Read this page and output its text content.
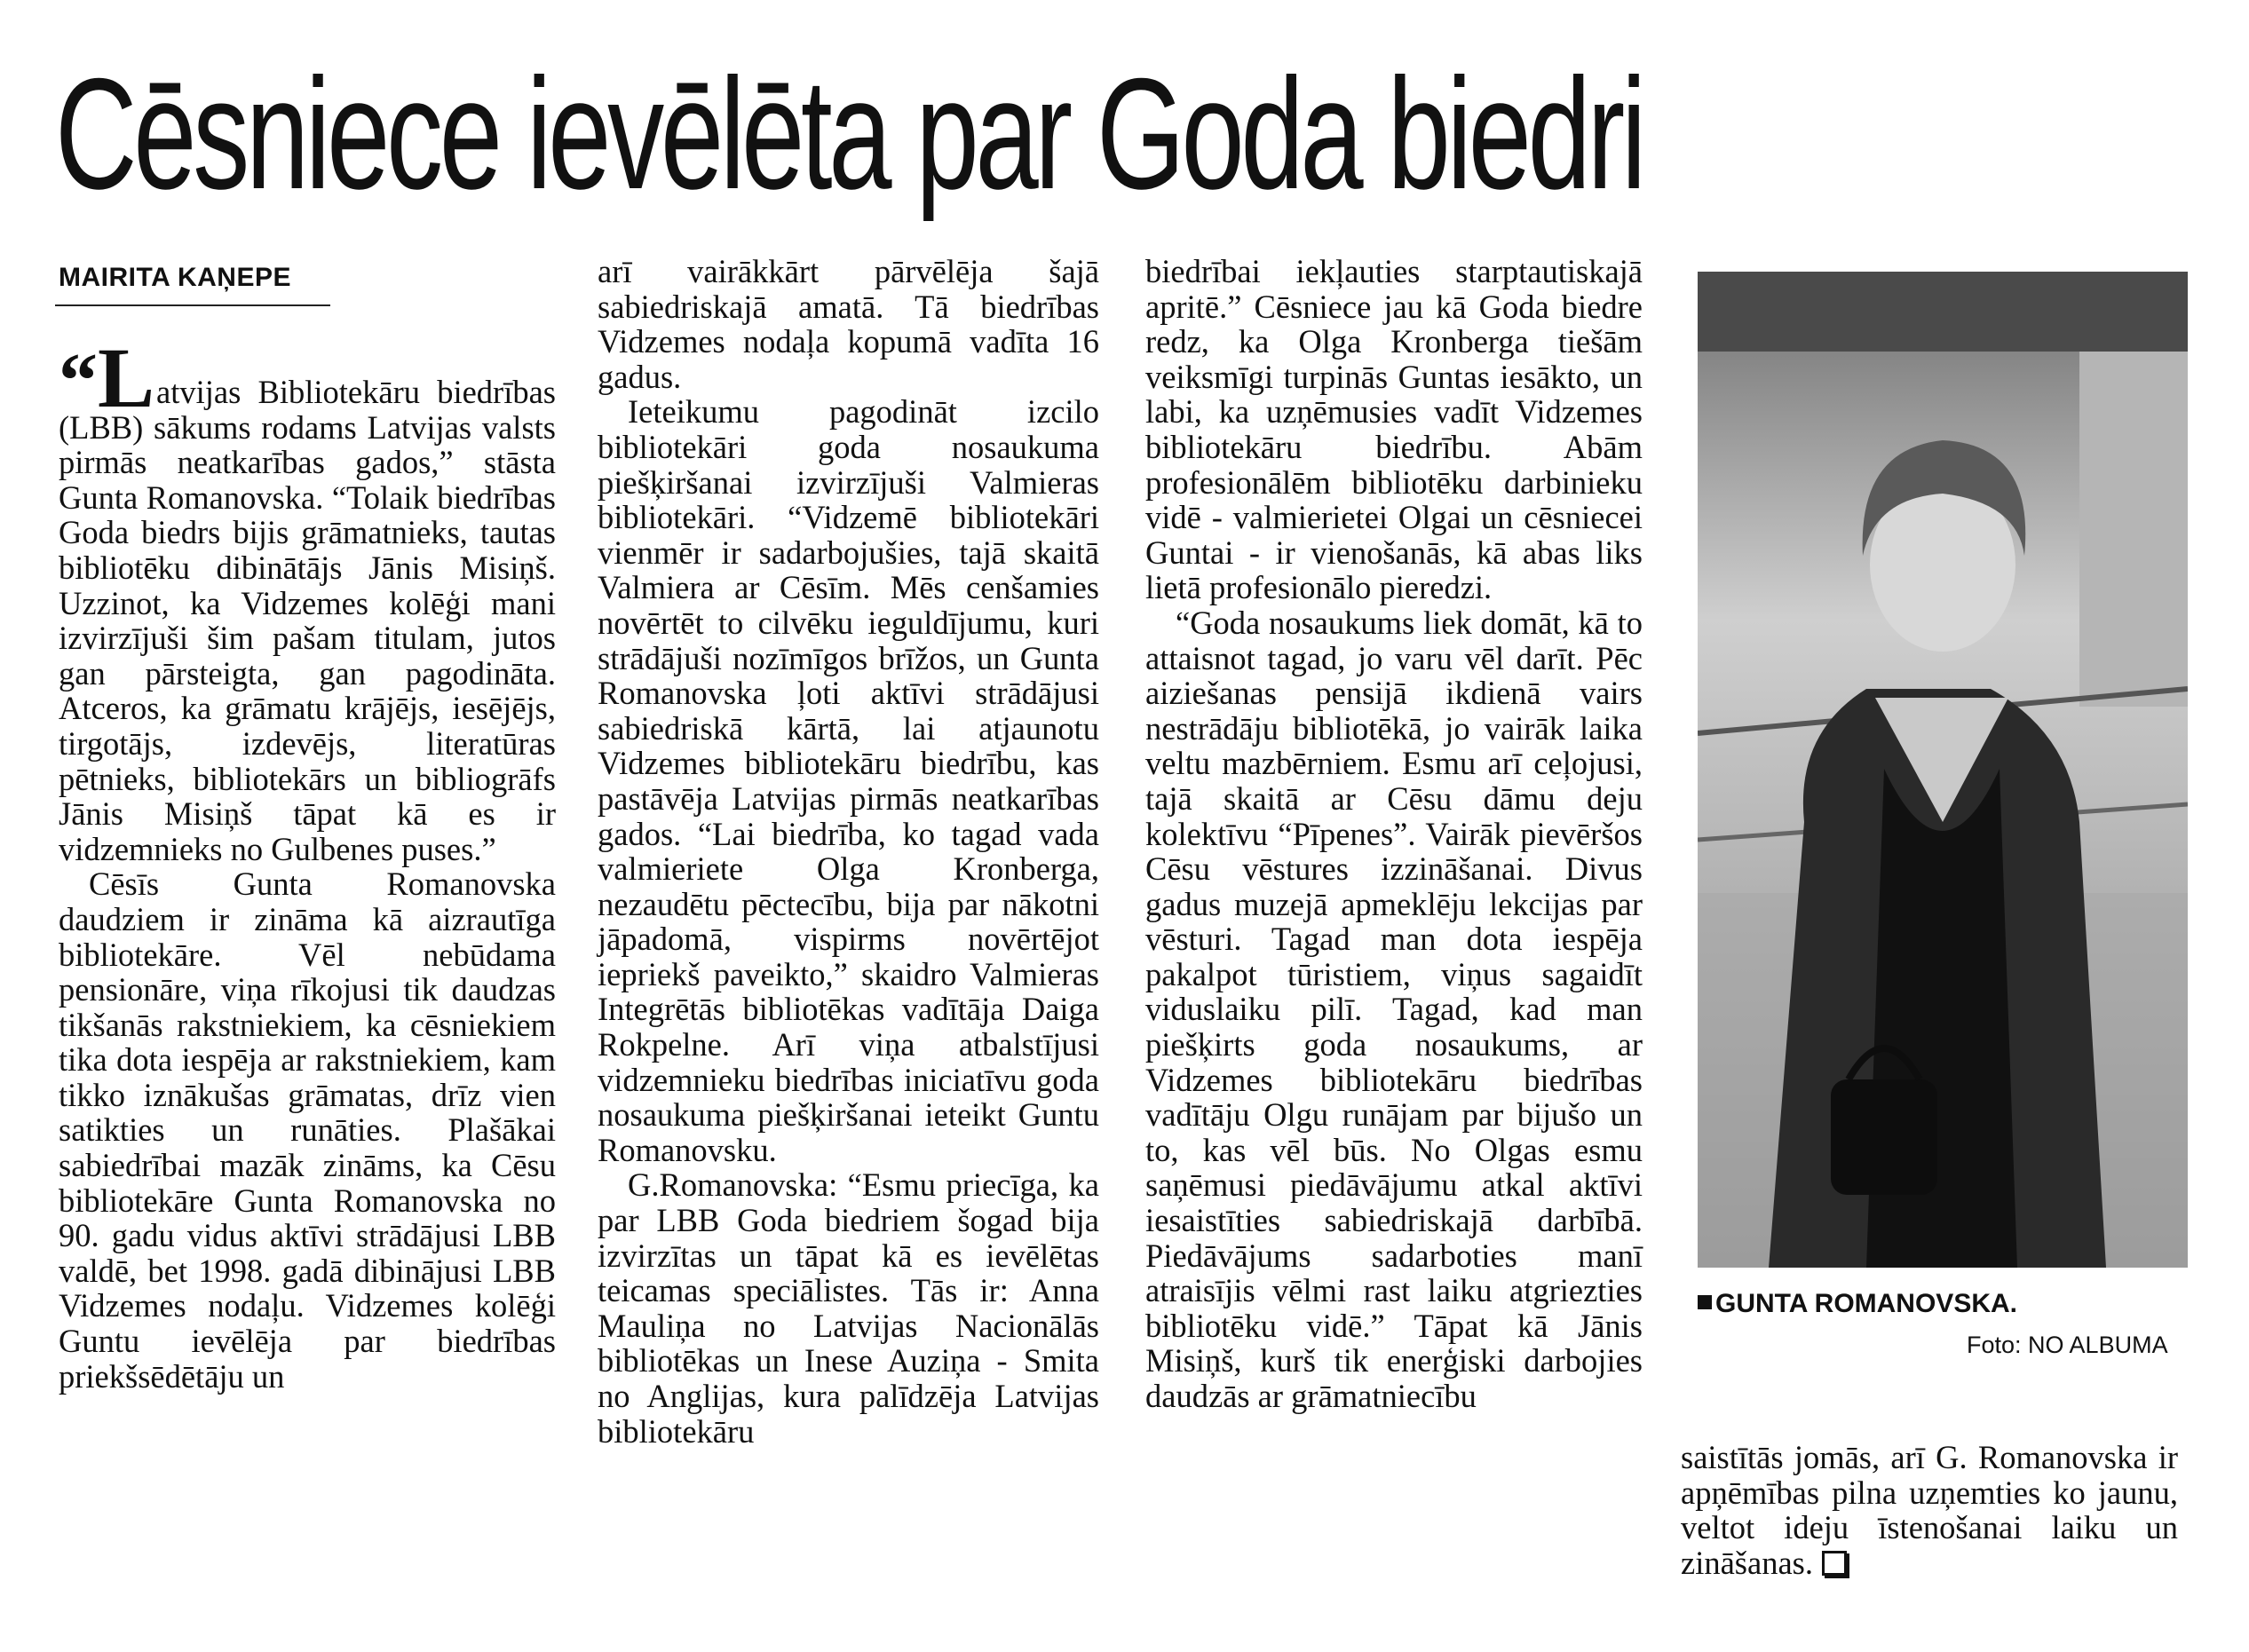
Cēsniece ievēlēta par Goda biedri
MAIRITA KAŅEPE

“Latvijas Bibliotekāru biedrības (LBB) sākums rodams Latvijas valsts pirmās neatkarības gados,” stāsta Gunta Romanovska. “Tolaik biedrības Goda biedrs bijis grāmatnieks, tautas bibliotēku dibinātājs Jānis Misiņš. Uzzinot, ka Vidzemes kolēģi mani izvirzījuši šim pašam titulam, jutos gan pārsteigta, gan pagodināta. Atceros, ka grāmatu krājējs, iesējējs, tirgotājs, izdevējs, literatūras pētnieks, bibliotekārs un bibliogrāfs Jānis Misiņš tāpat kā es ir vidzemnieks no Gulbenes puses.”

Cēsīs Gunta Romanovska daudziem ir zināma kā aizrautīga bibliotekāre. Vēl nebūdama pensionāre, viņa rīkojusi tik daudzas tikšanās rakstniekiem, ka cēsniekiem tika dota iespēja ar rakstniekiem, kam tikko iznākušas grāmatas, drīz vien satikties un runāties. Plašākai sabiedrībai mazāk zināms, ka Cēsu bibliotekāre Gunta Romanovska no 90. gadu vidus aktīvi strādājusi LBB valdē, bet 1998. gadā dibinājusi LBB Vidzemes nodaļu. Vidzemes kolēģi Guntu ievēlēja par biedrības priekšsēdētāju un

arī vairākkārt pārvēlēja šajā sabiedriskajā amatā. Tā biedrības Vidzemes nodaļa kopumā vadīta 16 gadus.

Ieteikumu pagodināt izcilo bibliotekāri goda nosaukuma piešķiršanai izvirzījuši Valmieras bibliotekāri. “Vidzemē bibliotekāri vienmēr ir sadarbojušies, tajā skaitā Valmiera ar Cēsīm. Mēs cenšamies novērtēt to cilvēku ieguldījumu, kuri strādājuši nozīmīgos brīžos, un Gunta Romanovska ļoti aktīvi strādājusi sabiedriskā kārtā, lai atjaunotu Vidzemes bibliotekāru biedrību, kas pastāvēja Latvijas pirmās neatkarības gados. “Lai biedrība, ko tagad vada valmieriete Olga Kronberga, nezaudētu pēctecību, bija par nākotni jāpadomā, vispirms novērtējot iepriekš paveikto,” skaidro Valmieras Integrētās bibliotēkas vadītāja Daiga Rokpelne. Arī viņa atbalstījusi vidzemnieku biedrības iniciatīvu goda nosaukuma piešķiršanai ieteikt Guntu Romanovsku.

G.Romanovska: “Esmu priecīga, ka par LBB Goda biedriem šogad bija izvirzītas un tāpat kā es ievēlētas teicamas speciālistes. Tās ir: Anna Mauliņa no Latvijas Nacionālās bibliotēkas un Inese Auziņa - Smita no Anglijas, kura palīdzēja Latvijas bibliotekāru

biedrībai iekļauties starptautiskajā apritē.” Cēsniece jau kā Goda biedre redz, ka Olga Kronberga tiešām veiksmīgi turpinās Guntas iesākto, un labi, ka uzņēmusies vadīt Vidzemes bibliotekāru biedrību. Abām profesionālēm bibliotēku darbinieku vidē - valmierietei Olgai un cēsniecei Guntai - ir vienošanās, kā abas liks lietā profesionālo pieredzi.

“Goda nosaukums liek domāt, kā to attaisnot tagad, jo varu vēl darīt. Pēc aiziešanas pensijā ikdienā vairs nestrādāju bibliotēkā, jo vairāk laika veltu mazbērniem. Esmu arī ceļojusi, tajā skaitā ar Cēsu dāmu deju kolektīvu “Pīpenes”. Vairāk pievēršos Cēsu vēstures izzināšanai. Divus gadus muzejā apmeklēju lekcijas par vēsturi. Tagad man dota iespēja pakalpot tūristiem, viņus sagaidīt viduslaiku pilī. Tagad, kad man piešķirts goda nosaukums, ar Vidzemes bibliotekāru biedrības vadītāju Olgu runājam par bijušo un to, kas vēl būs. No Olgas esmu saņēmusi piedāvājumu atkal aktīvi iesaistīties sabiedriskajā darbībā. Piedāvājums sadarboties manī atraisījis vēlmi rast laiku atgriezties bibliotēku vidē.” Tāpat kā Jānis Misiņš, kurš tik enerģiski darbojies daudzās ar grāmatniecību

GUNTA ROMANOVSKA.
Foto: NO ALBUMA

saistītās jomās, arī G. Romanovska ir apņēmības pilna uzņemties ko jaunu, veltot ideju īstenošanai laiku un zināšanas.
